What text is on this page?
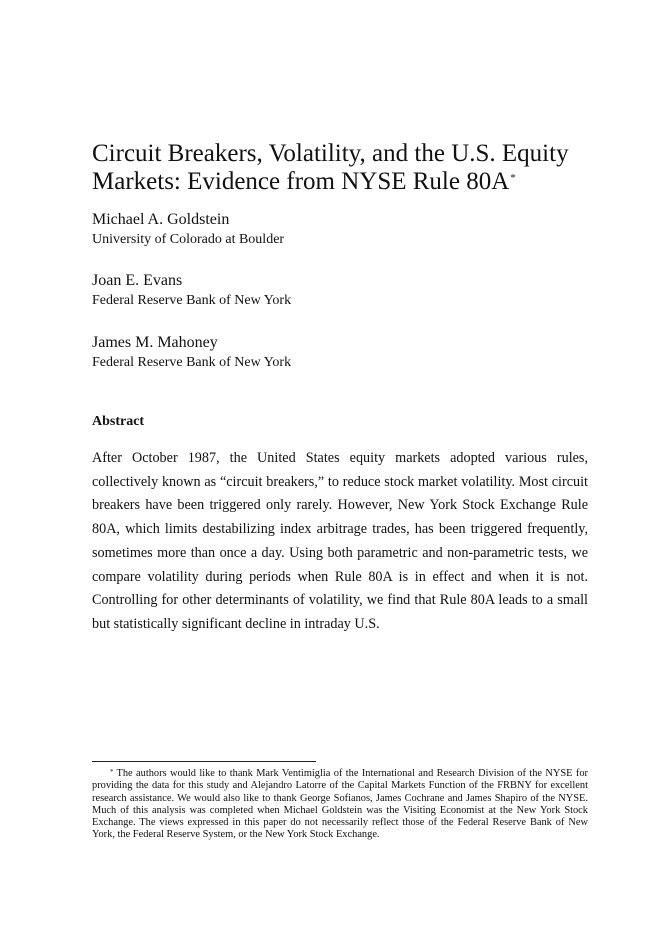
Circuit Breakers, Volatility, and the U.S. Equity Markets: Evidence from NYSE Rule 80A*

Michael A. Goldstein

University of Colorado at Boulder

Joan E. Evans

Federal Reserve Bank of New York

James M. Mahoney

Federal Reserve Bank of New York

Abstract

After October 1987, the United States equity markets adopted various rules, collectively known as “circuit breakers,” to reduce stock market volatility. Most circuit breakers have been triggered only rarely. However, New York Stock Exchange Rule 80A, which limits destabilizing index arbitrage trades, has been triggered frequently, sometimes more than once a day. Using both parametric and non-parametric tests, we compare volatility during periods when Rule 80A is in effect and when it is not. Controlling for other determinants of volatility, we find that Rule 80A leads to a small but statistically significant decline in intraday U.S.

* The authors would like to thank Mark Ventimiglia of the International and Research Division of the NYSE for providing the data for this study and Alejandro Latorre of the Capital Markets Function of the FRBNY for excellent research assistance. We would also like to thank George Sofianos, James Cochrane and James Shapiro of the NYSE. Much of this analysis was completed when Michael Goldstein was the Visiting Economist at the New York Stock Exchange. The views expressed in this paper do not necessarily reflect those of the Federal Reserve Bank of New York, the Federal Reserve System, or the New York Stock Exchange.
